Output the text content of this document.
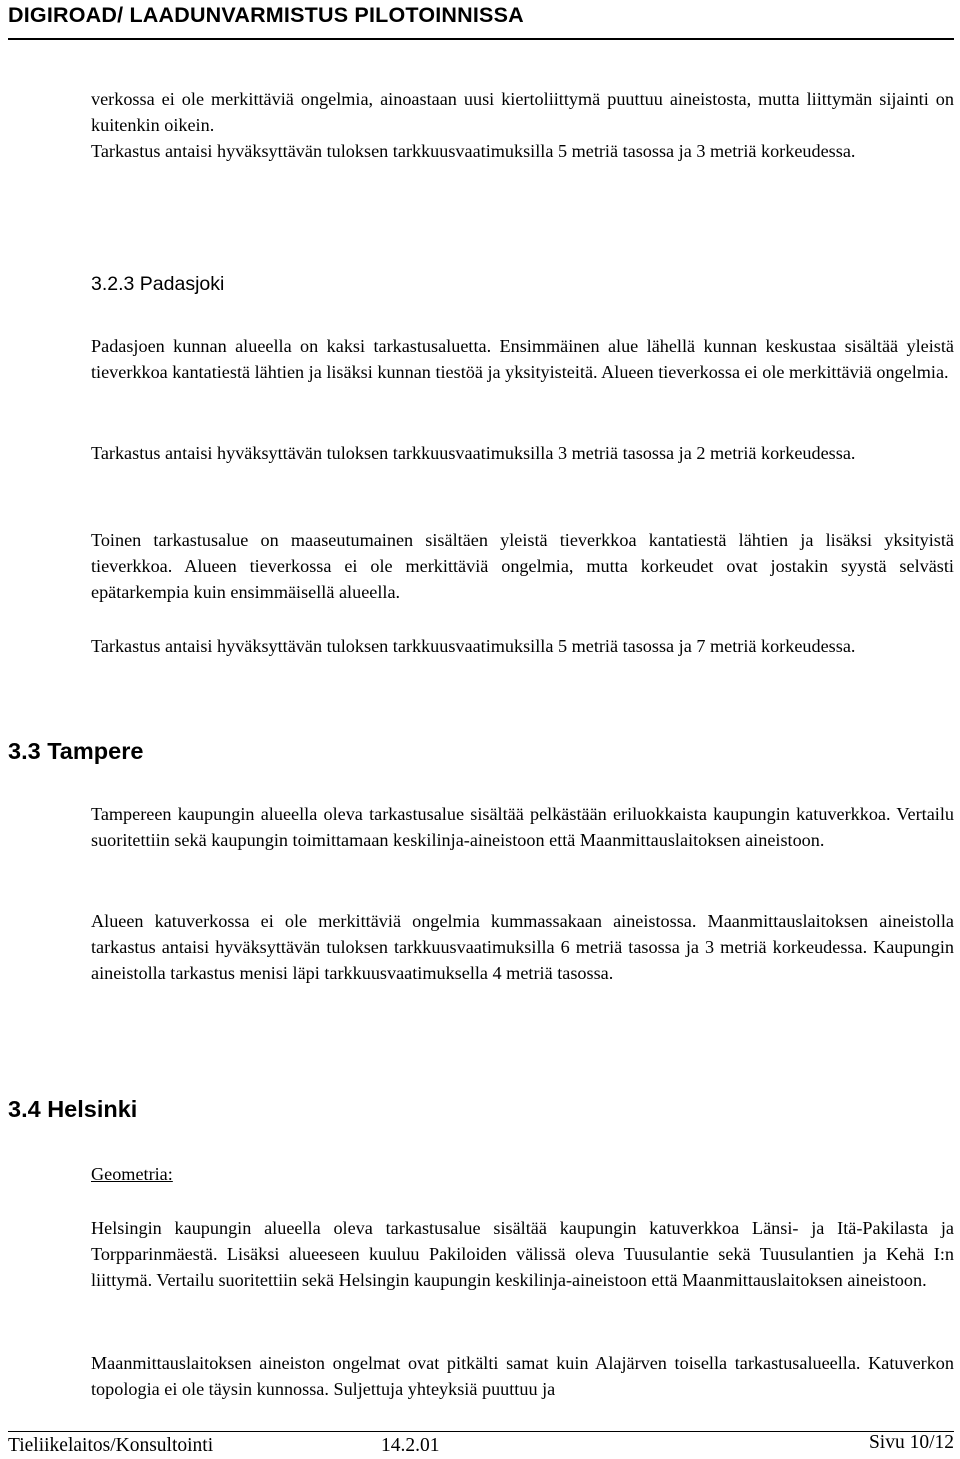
DIGIROAD/ LAADUNVARMISTUS PILOTOINNISSA
verkossa ei ole merkittäviä ongelmia, ainoastaan uusi kiertoliittymä puuttuu aineistosta, mutta liittymän sijainti on kuitenkin oikein.
Tarkastus antaisi hyväksyttävän tuloksen tarkkuusvaatimuksilla 5 metriä tasossa ja 3 metriä korkeudessa.
3.2.3 Padasjoki
Padasjoen kunnan alueella on kaksi tarkastusaluetta. Ensimmäinen alue lähellä kunnan keskustaa sisältää yleistä tieverkkoa kantatiestä lähtien ja lisäksi kunnan tiestöä ja yksityisteitä. Alueen tieverkossa ei ole merkittäviä ongelmia.
Tarkastus antaisi hyväksyttävän tuloksen tarkkuusvaatimuksilla 3 metriä tasossa ja 2 metriä korkeudessa.
Toinen tarkastusalue on maaseutumainen sisältäen yleistä tieverkkoa kantatiestä lähtien ja lisäksi yksityistä tieverkkoa. Alueen tieverkossa ei ole merkittäviä ongelmia, mutta korkeudet ovat jostakin syystä selvästi epätarkempia kuin ensimmäisellä alueella.
Tarkastus antaisi hyväksyttävän tuloksen tarkkuusvaatimuksilla 5 metriä tasossa ja 7 metriä korkeudessa.
3.3 Tampere
Tampereen kaupungin alueella oleva tarkastusalue sisältää pelkästään eriluokkaista kaupungin katuverkkoa. Vertailu suoritettiin sekä kaupungin toimittamaan keskilinja-aineistoon että Maanmittauslaitoksen aineistoon.
Alueen katuverkossa ei ole merkittäviä ongelmia kummassakaan aineistossa. Maanmittauslaitoksen aineistolla tarkastus antaisi hyväksyttävän tuloksen tarkkuusvaatimuksilla 6 metriä tasossa ja 3 metriä korkeudessa. Kaupungin aineistolla tarkastus menisi läpi tarkkuusvaatimuksella 4 metriä tasossa.
3.4 Helsinki
Geometria:
Helsingin kaupungin alueella oleva tarkastusalue sisältää kaupungin katuverkkoa Länsi- ja Itä-Pakilasta ja Torpparinmäestä. Lisäksi alueeseen kuuluu Pakiloiden välissä oleva Tuusulantie sekä Tuusulantien ja Kehä I:n liittymä. Vertailu suoritettiin sekä Helsingin kaupungin keskilinja-aineistoon että Maanmittauslaitoksen aineistoon.
Maanmittauslaitoksen aineiston ongelmat ovat pitkälti samat kuin Alajärven toisella tarkastusalueella. Katuverkon topologia ei ole täysin kunnossa. Suljettuja yhteyksiä puuttuu ja
Tieliikelaitos/Konsultointi	14.2.01	Sivu 10/12
